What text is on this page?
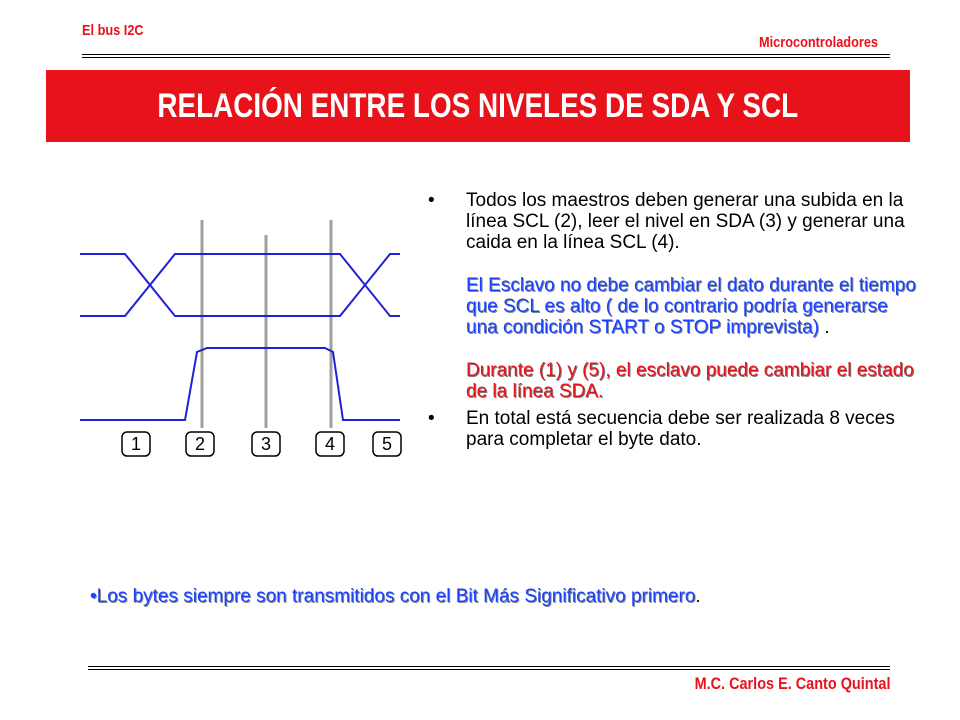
El bus I2C
Microcontroladores
RELACIÓN ENTRE LOS NIVELES DE SDA Y SCL
1	2	3	4	5

• Todos los maestros deben generar una subida en la línea SCL (2), leer el nivel en SDA (3) y generar una caida en la línea SCL (4).

El Esclavo no debe cambiar el dato durante el tiempo que SCL es alto ( de lo contrario podría generarse una condición START o STOP imprevista) .

Durante (1) y (5), el esclavo puede cambiar el estado de la línea SDA.

• En total está secuencia debe ser realizada 8 veces para completar el byte dato.

•Los bytes siempre son transmitidos con el Bit Más Significativo primero.
M.C. Carlos E. Canto Quintal
